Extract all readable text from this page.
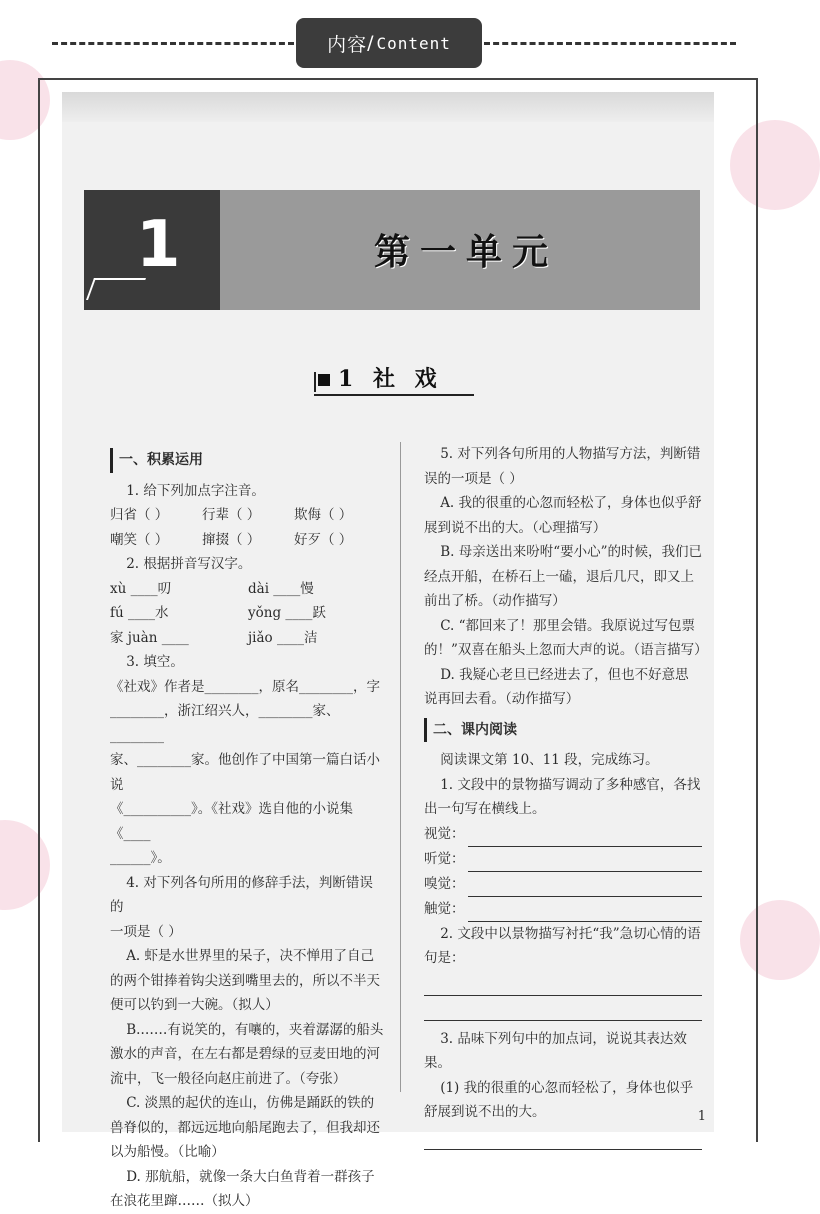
内容 / Content
1	第一单元
1 社 戏
一、积累运用

1. 给下列加点字注音。

归省（ ）	行辈（ ）	欺侮（ ）
嘲笑（ ）	撺掇（ ）	好歹（ ）

2. 根据拼音写汉字。

xù ____叨	dài ____慢
fú ____水	yǒng ____跃
家 juàn ____	jiǎo ____洁

3. 填空。

《社戏》作者是________，原名________，字

________，浙江绍兴人，________家、________

家、________家。他创作了中国第一篇白话小说

《__________》。《社戏》选自他的小说集《____

______》。

4. 对下列各句所用的修辞手法，判断错误的

一项是（ ）

A. 虾是水世界里的呆子，决不惮用了自己的两个钳捧着钩尖送到嘴里去的，所以不半天便可以钓到一大碗。（拟人）

B.……有说笑的，有嚷的，夹着潺潺的船头激水的声音，在左右都是碧绿的豆麦田地的河流中，飞一般径向赵庄前进了。（夸张）

C. 淡黑的起伏的连山，仿佛是踊跃的铁的兽脊似的，都远远地向船尾跑去了，但我却还以为船慢。（比喻）

D. 那航船，就像一条大白鱼背着一群孩子在浪花里蹿……（拟人）

5. 对下列各句所用的人物描写方法，判断错误的一项是（ ）

A. 我的很重的心忽而轻松了，身体也似乎舒展到说不出的大。（心理描写）

B. 母亲送出来吩咐“要小心”的时候，我们已经点开船，在桥石上一磕，退后几尺，即又上前出了桥。（动作描写）

C. “都回来了！那里会错。我原说过写包票的！”双喜在船头上忽而大声的说。（语言描写）

D. 我疑心老旦已经进去了，但也不好意思说再回去看。（动作描写）

二、课内阅读

阅读课文第 10、11 段，完成练习。

1. 文段中的景物描写调动了多种感官，各找出一句写在横线上。

视觉：
听觉：
嗅觉：
触觉：

2. 文段中以景物描写衬托“我”急切心情的语句是：

3. 品味下列句中的加点词，说说其表达效果。

(1) 我的很重的心忽而轻松了，身体也似乎舒展到说不出的大。	1
